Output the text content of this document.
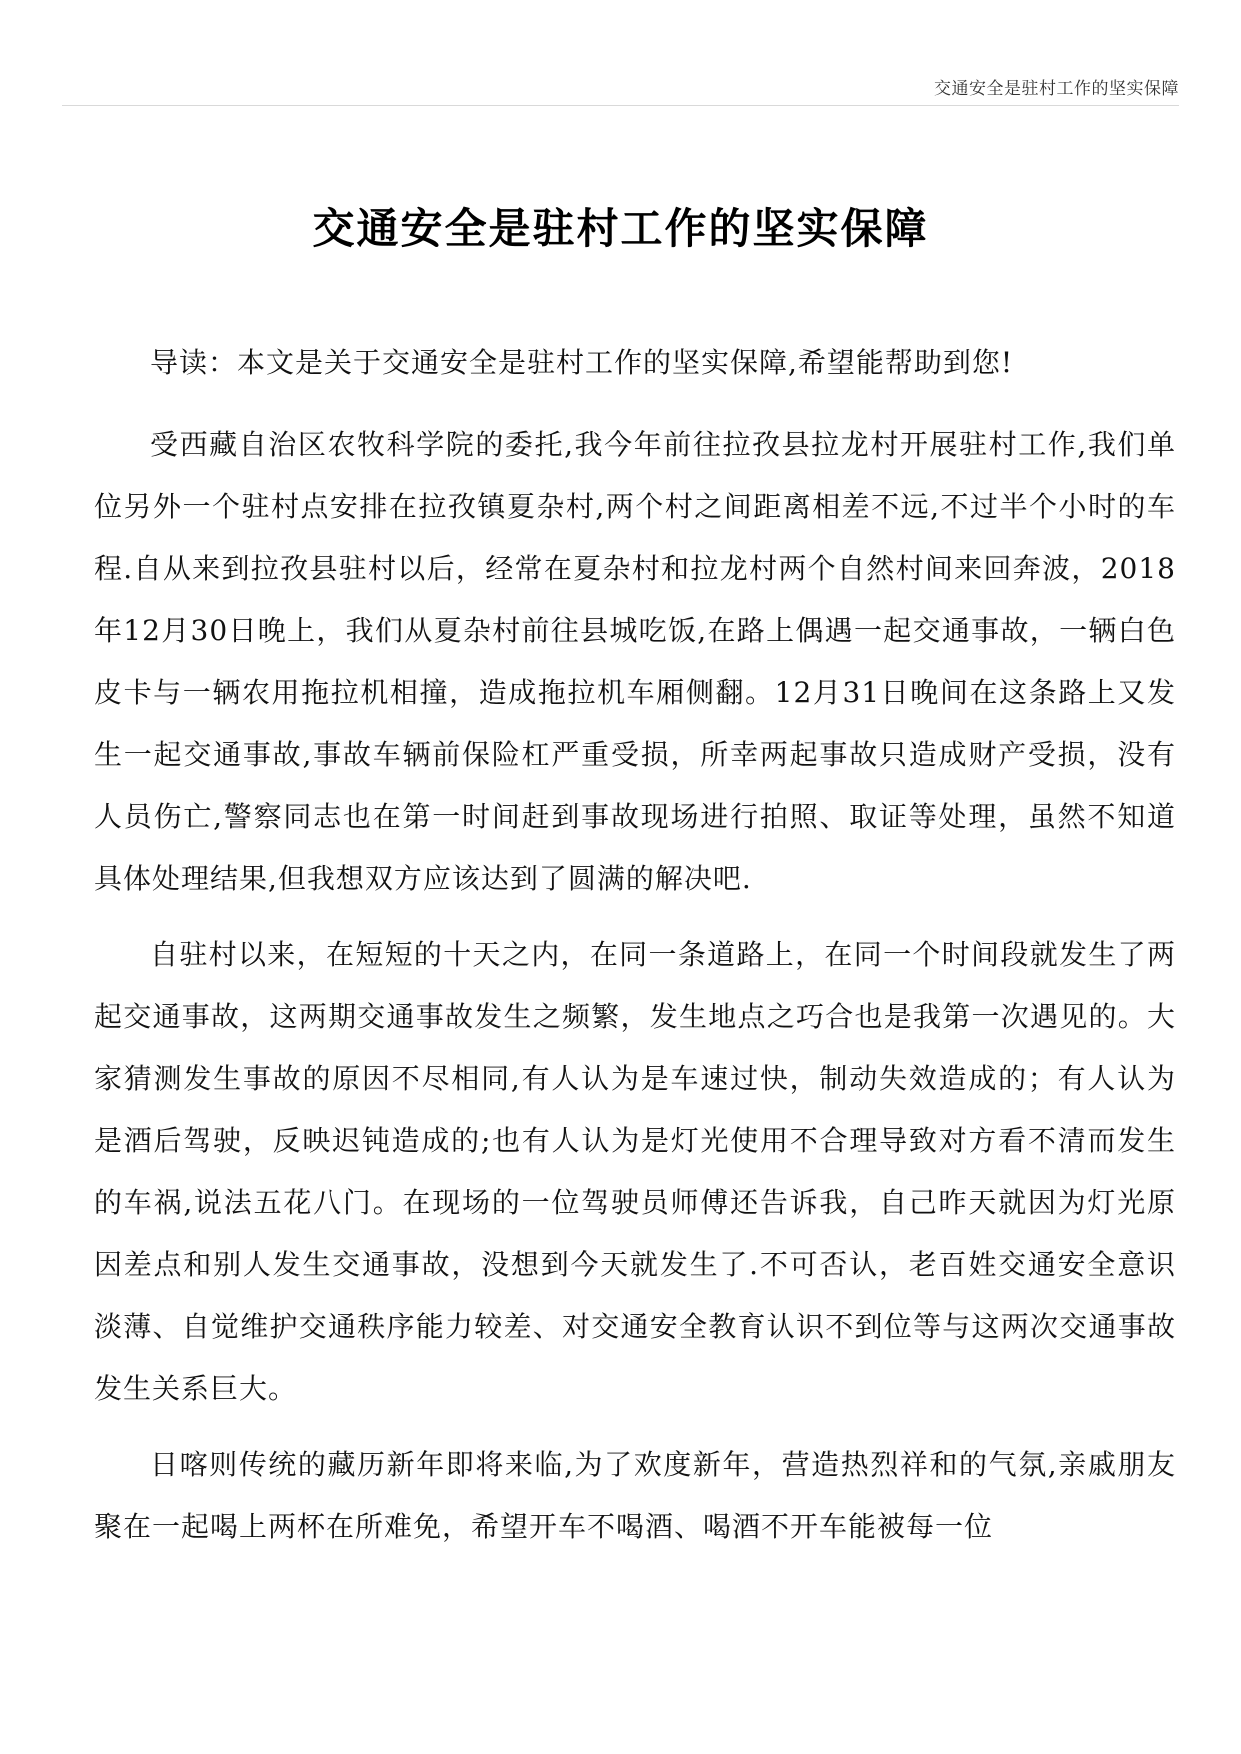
交通安全是驻村工作的坚实保障
交通安全是驻村工作的坚实保障

导读：本文是关于交通安全是驻村工作的坚实保障,希望能帮助到您!

受西藏自治区农牧科学院的委托,我今年前往拉孜县拉龙村开展驻村工作,我们单位另外一个驻村点安排在拉孜镇夏杂村,两个村之间距离相差不远,不过半个小时的车程.自从来到拉孜县驻村以后，经常在夏杂村和拉龙村两个自然村间来回奔波，2018年12月30日晚上，我们从夏杂村前往县城吃饭,在路上偶遇一起交通事故，一辆白色皮卡与一辆农用拖拉机相撞，造成拖拉机车厢侧翻。12月31日晚间在这条路上又发生一起交通事故,事故车辆前保险杠严重受损，所幸两起事故只造成财产受损，没有人员伤亡,警察同志也在第一时间赶到事故现场进行拍照、取证等处理，虽然不知道具体处理结果,但我想双方应该达到了圆满的解决吧.

自驻村以来，在短短的十天之内，在同一条道路上，在同一个时间段就发生了两起交通事故，这两期交通事故发生之频繁，发生地点之巧合也是我第一次遇见的。大家猜测发生事故的原因不尽相同,有人认为是车速过快，制动失效造成的；有人认为是酒后驾驶，反映迟钝造成的;也有人认为是灯光使用不合理导致对方看不清而发生的车祸,说法五花八门。在现场的一位驾驶员师傅还告诉我，自己昨天就因为灯光原因差点和别人发生交通事故，没想到今天就发生了.不可否认，老百姓交通安全意识淡薄、自觉维护交通秩序能力较差、对交通安全教育认识不到位等与这两次交通事故发生关系巨大。

日喀则传统的藏历新年即将来临,为了欢度新年，营造热烈祥和的气氛,亲戚朋友聚在一起喝上两杯在所难免，希望开车不喝酒、喝酒不开车能被每一位
